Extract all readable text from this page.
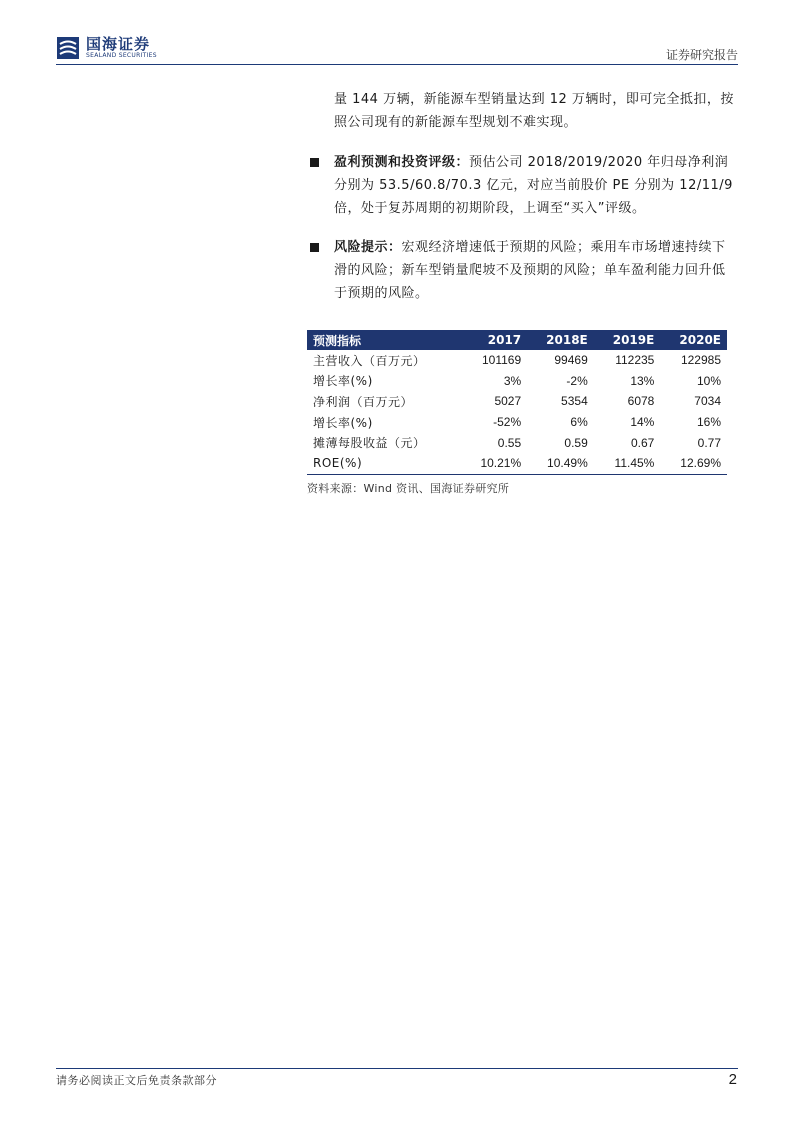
国海证券
SEALAND SECURITIES	证券研究报告
量 144 万辆，新能源车型销量达到 12 万辆时，即可完全抵扣，按照公司现有的新能源车型规划不难实现。
盈利预测和投资评级：预估公司 2018/2019/2020 年归母净利润分别为 53.5/60.8/70.3 亿元，对应当前股价 PE 分别为 12/11/9 倍，处于复苏周期的初期阶段，上调至“买入”评级。
风险提示：宏观经济增速低于预期的风险；乘用车市场增速持续下滑的风险；新车型销量爬坡不及预期的风险；单车盈利能力回升低于预期的风险。
预测指标	2017	2018E	2019E	2020E
主营收入（百万元）	101169	99469	112235	122985
增长率(%)	3%	-2%	13%	10%
净利润（百万元）	5027	5354	6078	7034
增长率(%)	-52%	6%	14%	16%
摊薄每股收益（元）	0.55	0.59	0.67	0.77
ROE(%)	10.21%	10.49%	11.45%	12.69%
资料来源：Wind 资讯、国海证券研究所
请务必阅读正文后免责条款部分	2
